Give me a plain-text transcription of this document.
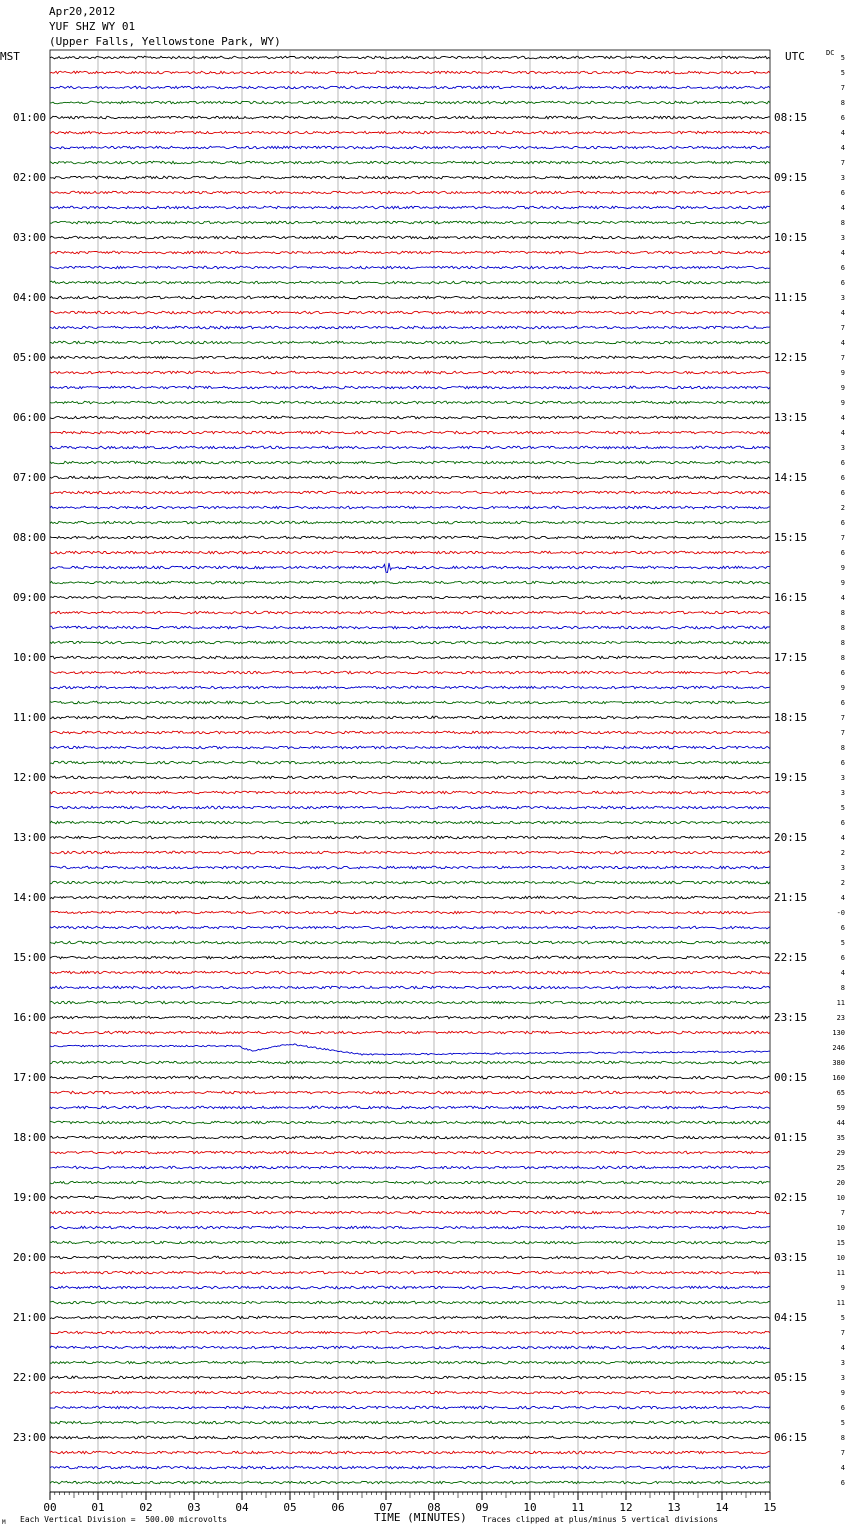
Apr20,2012
YUF SHZ WY 01
(Upper Falls, Yellowstone Park, WY)
00	01	02	03	04	05	06	07	08	09	10	11	12	13	14	15
01:00
02:00
03:00
04:00
05:00
06:00
07:00
08:00
09:00
10:00
11:00
12:00
13:00
14:00
15:00
16:00
17:00
18:00
19:00
20:00
21:00
22:00
23:00
08:15
09:15
10:15
11:15
12:15
13:15
14:15
15:15
16:15
17:15
18:15
19:15
20:15
21:15
22:15
23:15
00:15
01:15
02:15
03:15
04:15
05:15
06:15
5
5
7
8
6
4
4
7
3
6
4
8
3
4
6
6
3
4
7
4
7
9
9
9
4
4
3
6
6
6
2
6
7
6
9
9
4
8
8
8
8
6
9
6
7
7
8
6
3
3
5
6
4
2
3
2
4
-0
6
5
6
4
8
11
23
130
246
380
160
65
59
44
35
29
25
20
10
7
10
15
10
11
9
11
5
7
4
3
3
9
6
5
8
7
4
6
MST	UTC	DC
Each Vertical Division =  500.00 microvolts	TIME (MINUTES) Traces clipped at plus/minus 5 vertical divisions
M
